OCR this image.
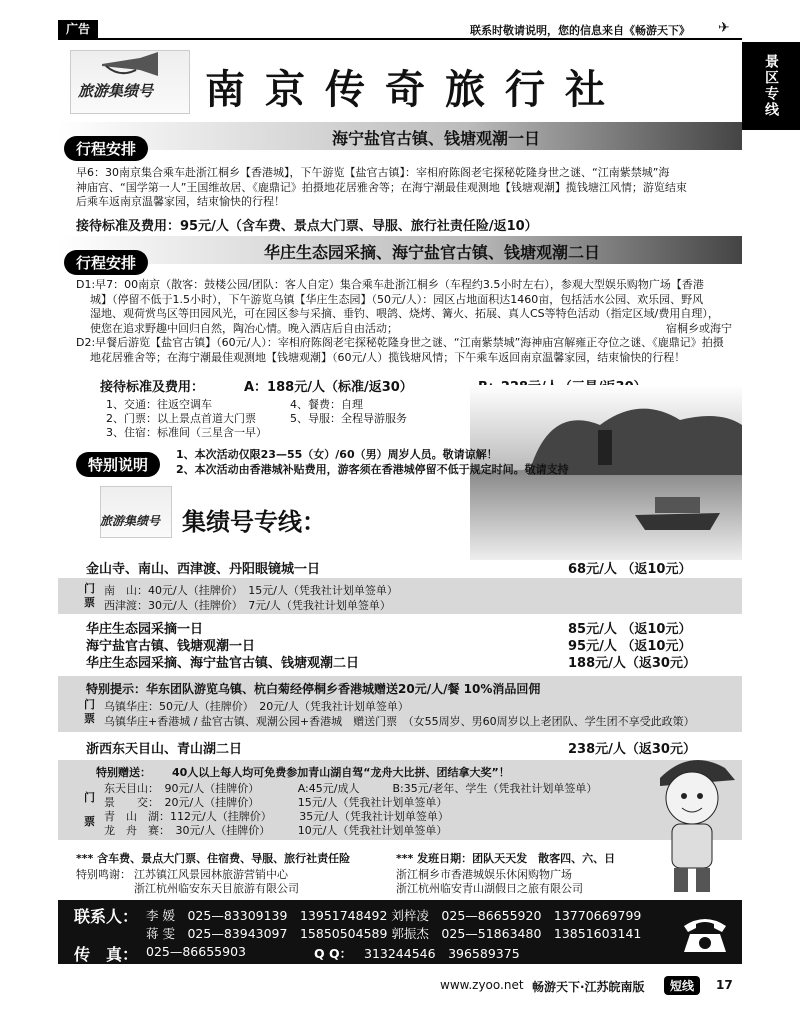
广告	联系时敬请说明，您的信息来自《畅游天下》 ✈
景区专线
旅游集绩号 南京传奇旅行社
行程安排
海宁盐官古镇、钱塘观潮一日
早6：30南京集合乘车赴浙江桐乡【香港城】，下午游览【盐官古镇】：宰相府陈阁老宅探秘乾隆身世之谜、“江南紫禁城”海
神庙宫、“国学第一人”王国维故居、《鹿鼎记》拍摄地花居雅舍等；在海宁潮最佳观测地【钱塘观潮】揽钱塘江风情；游览结束
后乘车返南京温馨家园，结束愉快的行程！
接待标准及费用：95元/人（含车费、景点大门票、导服、旅行社责任险/返10）
行程安排
华庄生态园采摘、海宁盐官古镇、钱塘观潮二日
D1:早7：00南京（散客：鼓楼公园/团队：客人自定）集合乘车赴浙江桐乡（车程约3.5小时左右），参观大型娱乐购物广场【香港
城】（停留不低于1.5小时），下午游览乌镇【华庄生态园】（50元/人）：园区占地面积达1460亩，包括活水公园、欢乐园、野风
湿地、观荷赏鸟区等田园风光，可在园区参与采摘、垂钓、喂鸽、烧烤、篝火、拓展、真人CS等特色活动（指定区域/费用自理），
使您在追求野趣中回归自然，陶冶心情。晚入酒店后自由活动；	宿桐乡或海宁
D2:早餐后游览【盐官古镇】（60元/人）：宰相府陈阁老宅探秘乾隆身世之谜、“江南紫禁城”海神庙宫解雍正夺位之谜、《鹿鼎记》拍摄
地花居雅舍等；在海宁潮最佳观测地【钱塘观潮】（60元/人）揽钱塘风情；下午乘车返回南京温馨家园，结束愉快的行程！
接待标准及费用：	A：188元/人（标准/返30）
1、交通：往返空调车
2、门票：以上景点首道大门票
3、住宿：标准间（三星含一早）
4、餐费：自理
5、导服：全程导游服务
特别说明
1、本次活动仅限23—55（女）/60（男）周岁人员。敬请谅解！
2、本次活动由香港城补贴费用，游客须在香港城停留不低于规定时间。敬请支持
旅游集绩号 集绩号专线：
金山寺、南山、西津渡、丹阳眼镜城一日	68元/人 （返10元）
门票
南　山：40元/人（挂牌价）　15元/人（凭我社计划单签单）
西津渡：30元/人（挂牌价）　7元/人（凭我社计划单签单）
华庄生态园采摘一日	85元/人 （返10元）
海宁盐官古镇、钱塘观潮一日	95元/人 （返10元）
华庄生态园采摘、海宁盐官古镇、钱塘观潮二日	188元/人（返30元）
特别提示：华东团队游览乌镇、杭白菊经停桐乡香港城赠送20元/人/餐 10%消品回佣
门票
乌镇华庄：50元/人（挂牌价）　20元/人（凭我社计划单签单）
乌镇华庄+香港城 / 盐官古镇、观潮公园+香港城　赠送门票　（女55周岁、男60周岁以上老团队、学生团不享受此政策）
浙西东天目山、青山湖二日	238元/人（返30元）
特别赠送： 40人以上每人均可免费参加青山湖自驾“龙舟大比拼、团结拿大奖”！
门票
东天目山：　90元/人（挂牌价）　　　　A:45元/成人　　　B:35元/老年、学生（凭我社计划单签单）
景　　交：　20元/人（挂牌价）　　　　15元/人（凭我社计划单签单）
青　山　湖：112元/人（挂牌价）　　　35元/人（凭我社计划单签单）
龙　舟　赛：　30元/人（挂牌价）　　　10元/人（凭我社计划单签单）
*** 含车费、景点大门票、住宿费、导服、旅行社责任险	*** 发班日期：团队天天发　散客四、六、日
特别鸣谢： 江苏镇江风景园林旅游营销中心
浙江杭州临安东天目旅游有限公司
浙江桐乡市香港城娱乐休闲购物广场
浙江杭州临安青山湖假日之旅有限公司
联系人： 李 媛　025—83309139　13951748492 刘梓凌　025—86655920　13770669799
蒋 雯　025—83943097　15850504589 郭振杰　025—51863480　13851603141
传　真： 025—86655903	Q Q： 313244546　396589375
www.zyoo.net 畅游天下·江苏皖南版	短线	17
